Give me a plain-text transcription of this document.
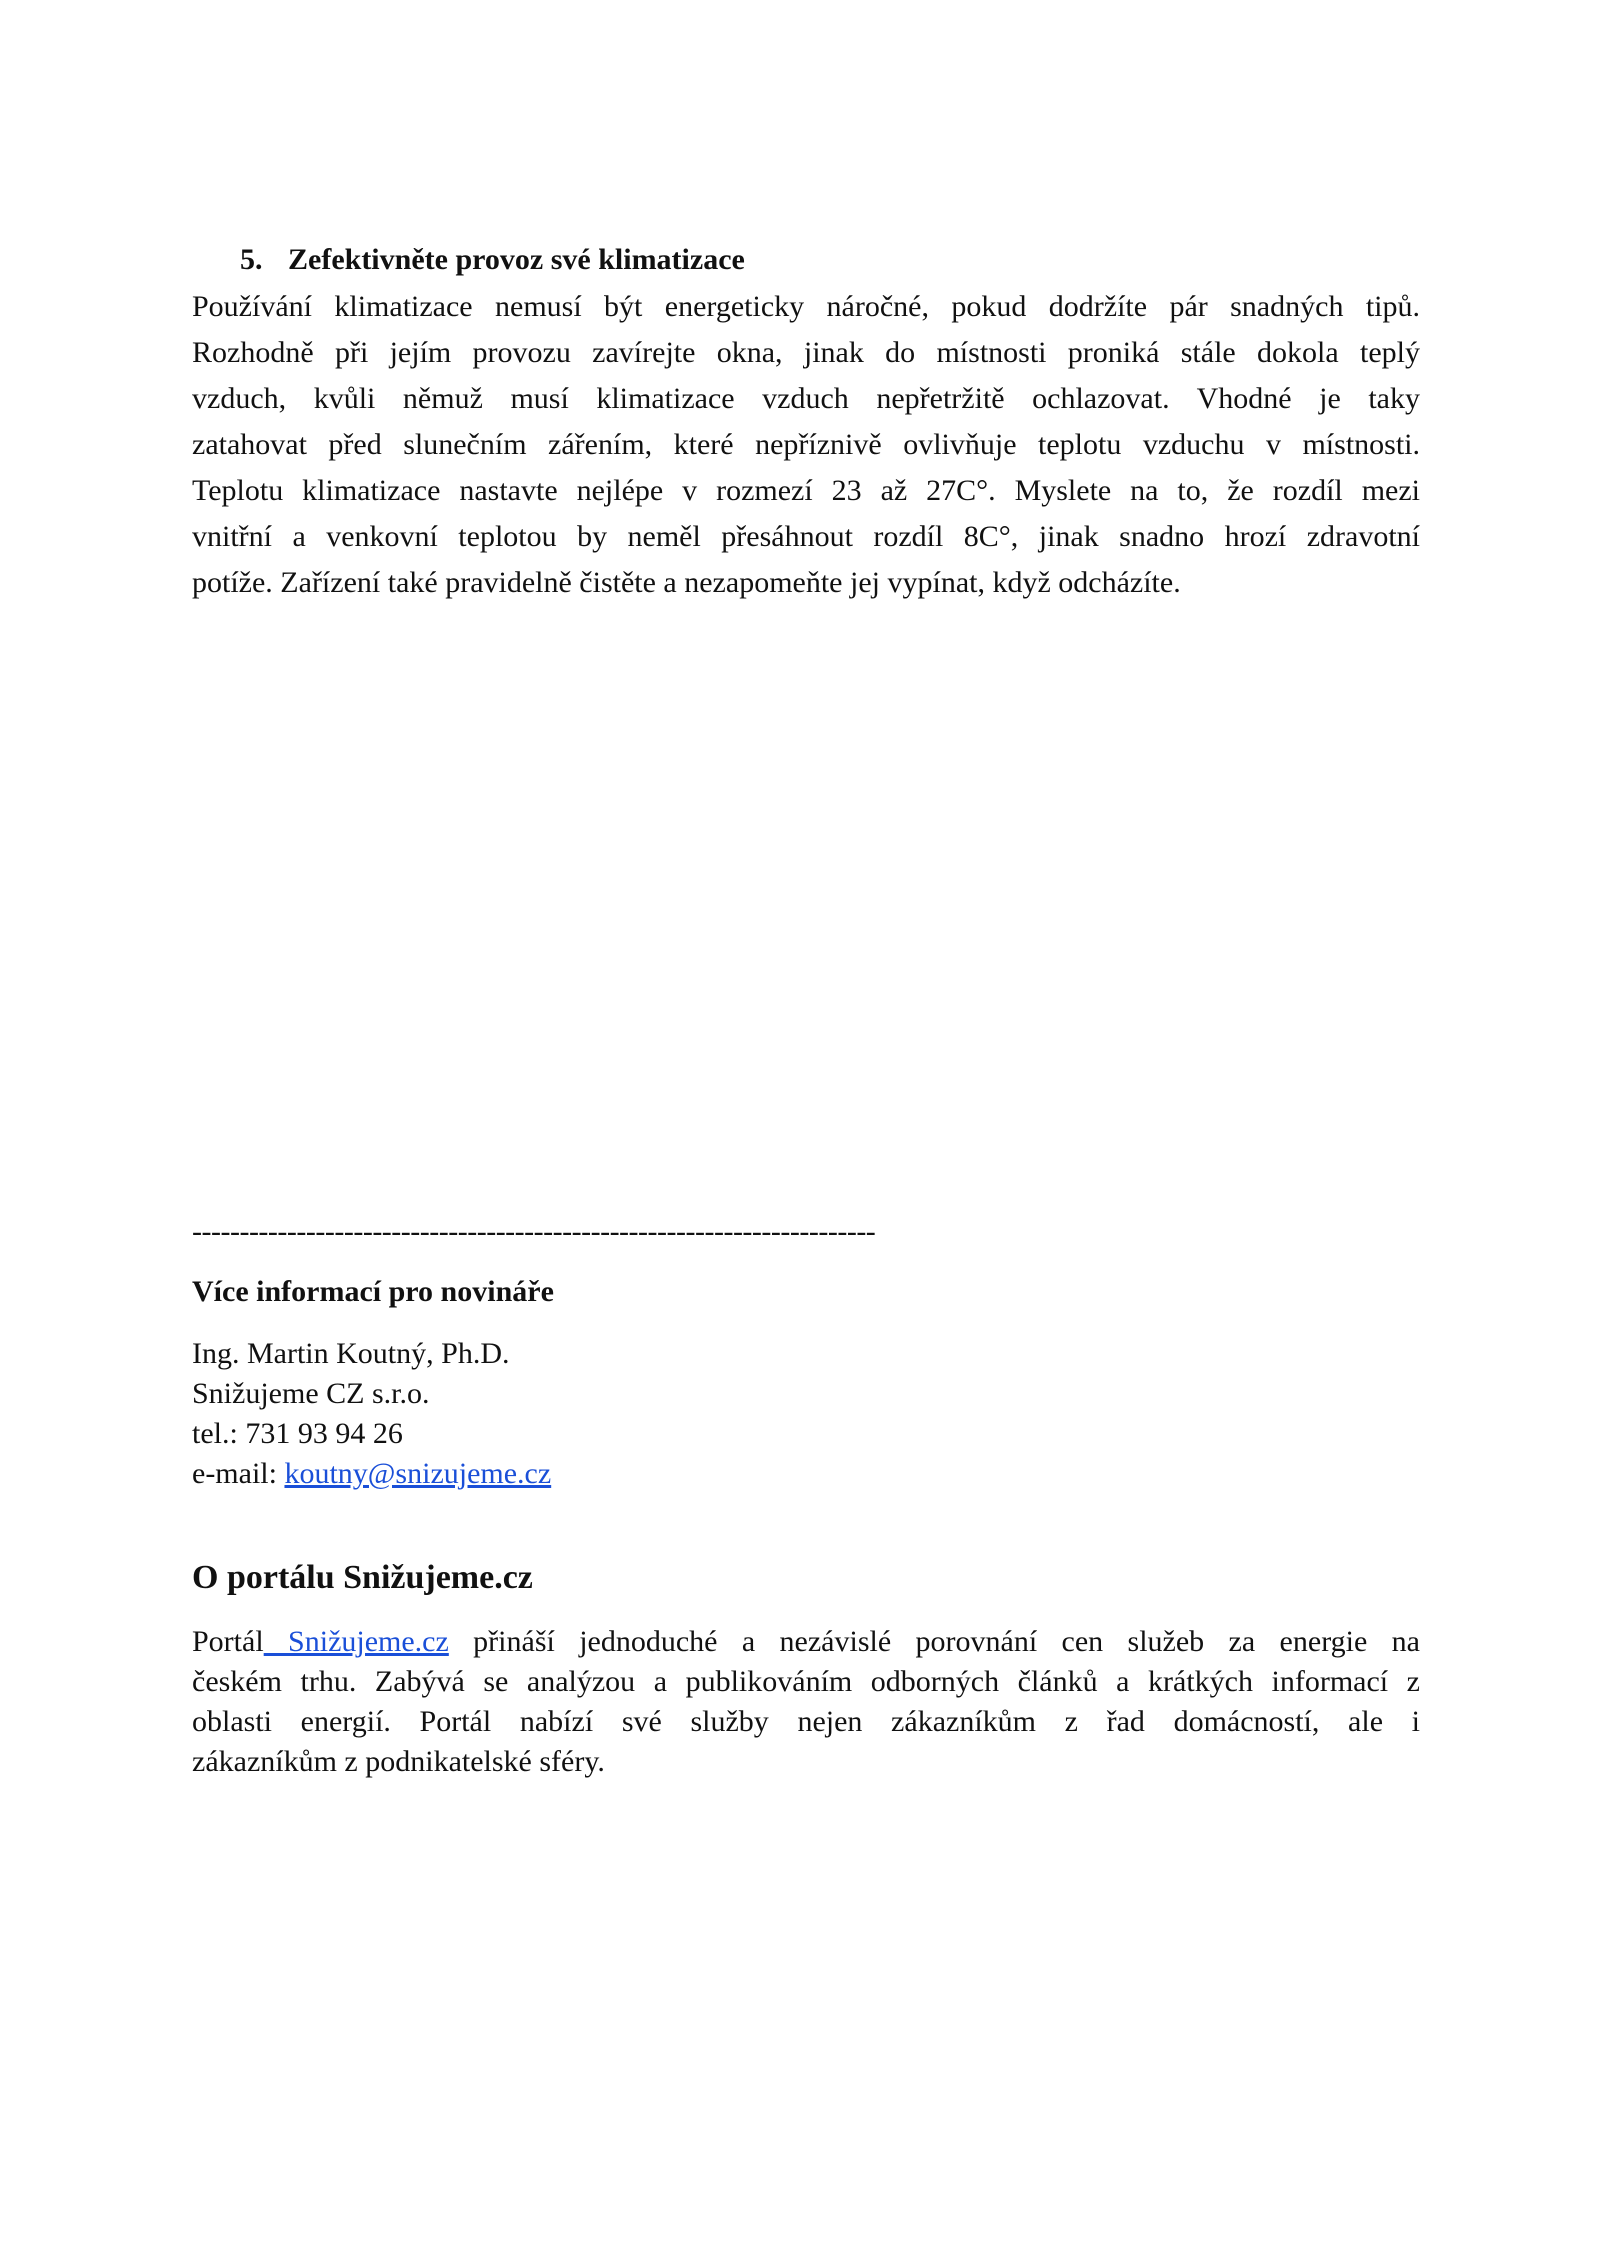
5. Zefektivněte provoz své klimatizace
Používání klimatizace nemusí být energeticky náročné, pokud dodržíte pár snadných tipů.
Rozhodně při jejím provozu zavírejte okna, jinak do místnosti proniká stále dokola teplý
vzduch, kvůli němuž musí klimatizace vzduch nepřetržitě ochlazovat. Vhodné je taky
zatahovat před slunečním zářením, které nepříznivě ovlivňuje teplotu vzduchu v místnosti.
Teplotu klimatizace nastavte nejlépe v rozmezí 23 až 27C°. Myslete na to, že rozdíl mezi
vnitřní a venkovní teplotou by neměl přesáhnout rozdíl 8C°, jinak snadno hrozí zdravotní
potíže. Zařízení také pravidelně čistěte a nezapomeňte jej vypínat, když odcházíte.
------------------------------------------------------------------------
Více informací pro novináře
Ing. Martin Koutný, Ph.D.
Snižujeme CZ s.r.o.
tel.: 731 93 94 26
e-mail: koutny@snizujeme.cz
O portálu Snižujeme.cz
Portál Snižujeme.cz přináší jednoduché a nezávislé porovnání cen služeb za energie na
českém trhu. Zabývá se analýzou a publikováním odborných článků a krátkých informací z
oblasti energií. Portál nabízí své služby nejen zákazníkům z řad domácností, ale i
zákazníkům z podnikatelské sféry.
